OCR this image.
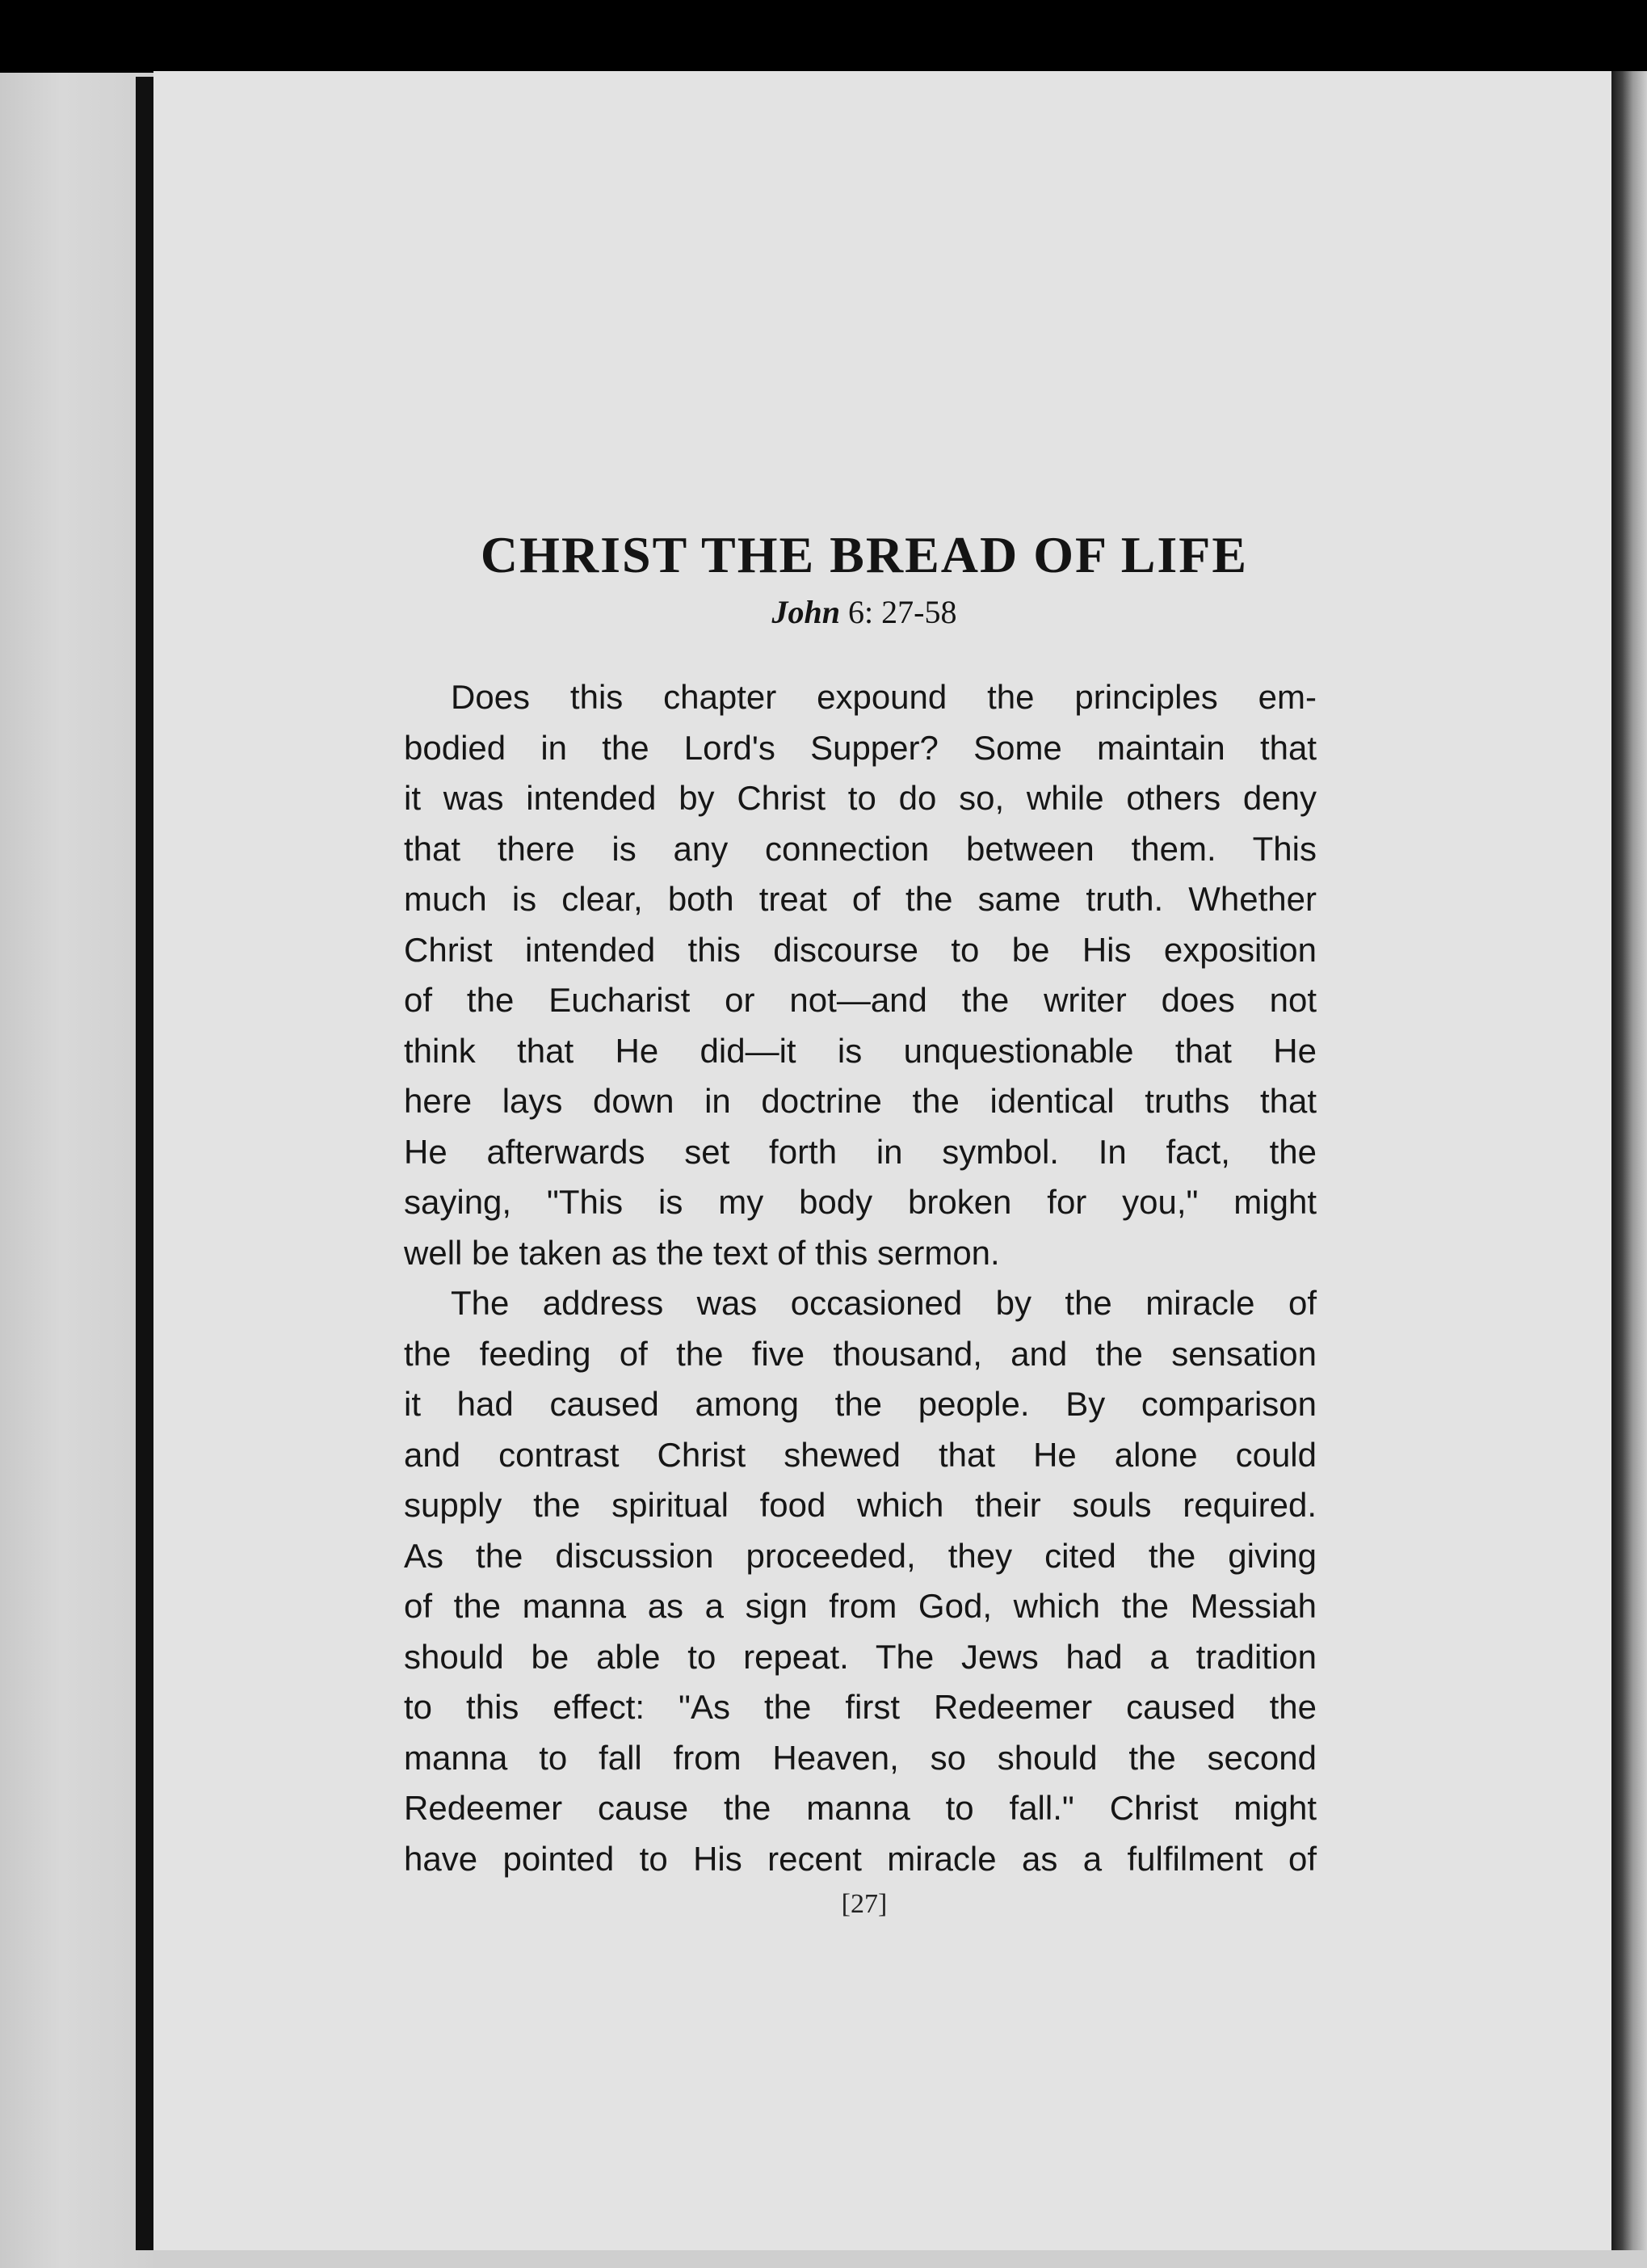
CHRIST THE BREAD OF LIFE

John 6: 27-58

Does this chapter expound the principles em-
bodied in the Lord's Supper? Some maintain that
it was intended by Christ to do so, while others deny
that there is any connection between them. This
much is clear, both treat of the same truth. Whether
Christ intended this discourse to be His exposition
of the Eucharist or not—and the writer does not
think that He did—it is unquestionable that He
here lays down in doctrine the identical truths that
He afterwards set forth in symbol. In fact, the
saying, "This is my body broken for you," might
well be taken as the text of this sermon.
The address was occasioned by the miracle of
the feeding of the five thousand, and the sensation
it had caused among the people. By comparison
and contrast Christ shewed that He alone could
supply the spiritual food which their souls required.
As the discussion proceeded, they cited the giving
of the manna as a sign from God, which the Messiah
should be able to repeat. The Jews had a tradition
to this effect: "As the first Redeemer caused the
manna to fall from Heaven, so should the second
Redeemer cause the manna to fall." Christ might
have pointed to His recent miracle as a fulfilment of
[27]
